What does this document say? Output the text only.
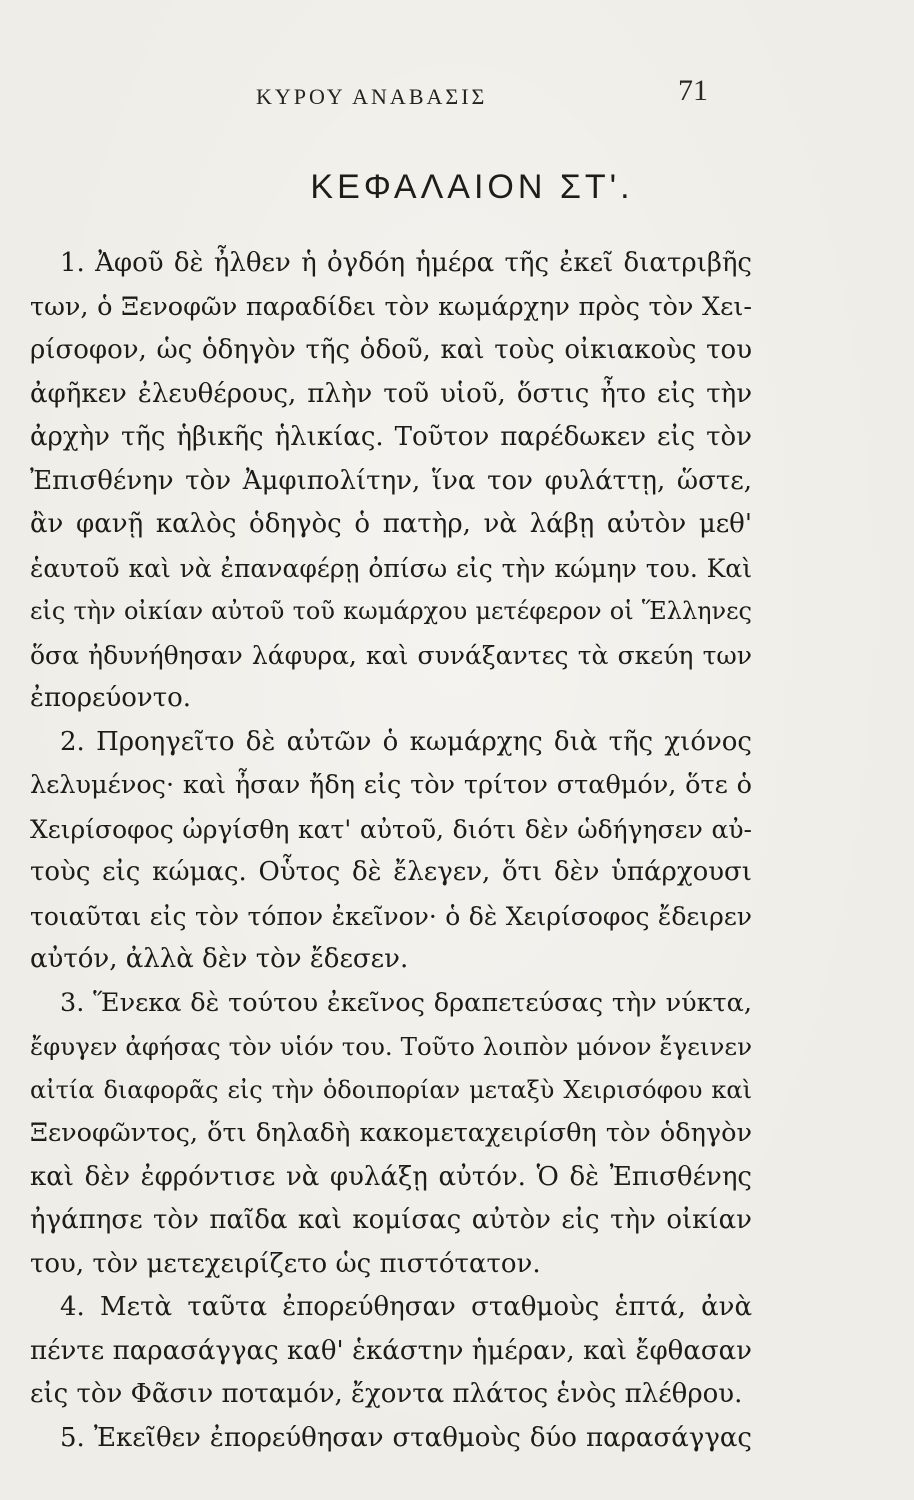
ΚΥΡΟΥ ΑΝΑΒΑΣΙΣ	71
ΚΕΦΑΛΑΙΟΝ ΣΤ'.
1. Ἀφοῦ δὲ ἦλθεν ἡ ὀγδόη ἡμέρα τῆς ἐκεῖ διατριβῆς
των, ὁ Ξενοφῶν παραδίδει τὸν κωμάρχην πρὸς τὸν Χει-
ρίσοφον, ὡς ὁδηγὸν τῆς ὁδοῦ, καὶ τοὺς οἰκιακοὺς του
ἀφῆκεν ἐλευθέρους, πλὴν τοῦ υἱοῦ, ὅστις ἦτο εἰς τὴν
ἀρχὴν τῆς ἡβικῆς ἡλικίας. Τοῦτον παρέδωκεν εἰς τὸν
Ἐπισθένην τὸν Ἀμφιπολίτην, ἵνα τον φυλάττῃ, ὥστε,
ἂν φανῇ καλὸς ὁδηγὸς ὁ πατὴρ, νὰ λάβῃ αὐτὸν μεθ'
ἑαυτοῦ καὶ νὰ ἐπαναφέρῃ ὀπίσω εἰς τὴν κώμην του. Καὶ
εἰς τὴν οἰκίαν αὐτοῦ τοῦ κωμάρχου μετέφερον οἱ Ἕλληνες
ὅσα ἠδυνήθησαν λάφυρα, καὶ συνάξαντες τὰ σκεύη των
ἐπορεύοντο.
2. Προηγεῖτο δὲ αὐτῶν ὁ κωμάρχης διὰ τῆς χιόνος
λελυμένος· καὶ ἦσαν ἤδη εἰς τὸν τρίτον σταθμόν, ὅτε ὁ
Χειρίσοφος ὠργίσθη κατ' αὐτοῦ, διότι δὲν ὡδήγησεν αὐ-
τοὺς εἰς κώμας. Οὗτος δὲ ἔλεγεν, ὅτι δὲν ὑπάρχουσι
τοιαῦται εἰς τὸν τόπον ἐκεῖνον· ὁ δὲ Χειρίσοφος ἔδειρεν
αὐτόν, ἀλλὰ δὲν τὸν ἔδεσεν.
3. Ἕνεκα δὲ τούτου ἐκεῖνος δραπετεύσας τὴν νύκτα,
ἔφυγεν ἀφήσας τὸν υἱόν του. Τοῦτο λοιπὸν μόνον ἔγεινεν
αἰτία διαφορᾶς εἰς τὴν ὁδοιπορίαν μεταξὺ Χειρισόφου καὶ
Ξενοφῶντος, ὅτι δηλαδὴ κακομεταχειρίσθη τὸν ὁδηγὸν
καὶ δὲν ἐφρόντισε νὰ φυλάξῃ αὐτόν. Ὁ δὲ Ἐπισθένης
ἠγάπησε τὸν παῖδα καὶ κομίσας αὐτὸν εἰς τὴν οἰκίαν
του, τὸν μετεχειρίζετο ὡς πιστότατον.
4. Μετὰ ταῦτα ἐπορεύθησαν σταθμοὺς ἑπτά, ἀνὰ
πέντε παρασάγγας καθ' ἑκάστην ἡμέραν, καὶ ἔφθασαν
εἰς τὸν Φᾶσιν ποταμόν, ἔχοντα πλάτος ἑνὸς πλέθρου.
5. Ἐκεῖθεν ἐπορεύθησαν σταθμοὺς δύο παρασάγγας
